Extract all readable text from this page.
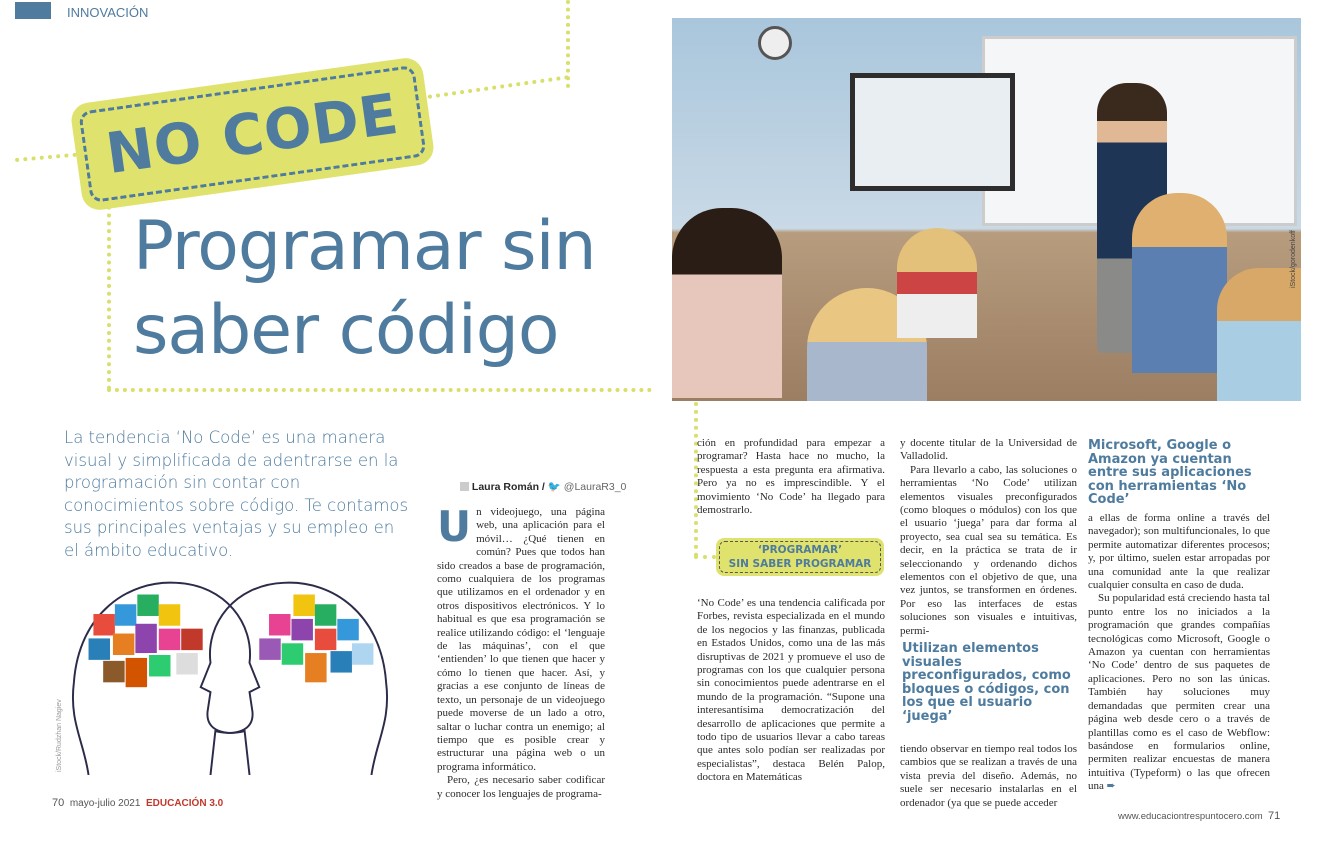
INNOVACIÓN
NO CODE
Programar sin
saber código
La tendencia ‘No Code’ es una manera visual y simplificada de adentrarse en la programación sin contar con conocimientos sobre código. Te contamos sus principales ventajas y su empleo en el ámbito educativo.
iStock/Rudzhan Nagiev
Laura Román / 🐦 @LauraR3_0

Un videojuego, una página web, una aplicación para el móvil… ¿Qué tienen en común? Pues que todos han sido creados a base de programación, como cualquiera de los programas que utilizamos en el ordenador y en otros dispositivos electrónicos. Y lo habitual es que esa programación se realice utilizando código: el ‘lenguaje de las máquinas’, con el que ‘entienden’ lo que tienen que hacer y cómo lo tienen que hacer. Así, y gracias a ese conjunto de líneas de texto, un personaje de un videojuego puede moverse de un lado a otro, saltar o luchar contra un enemigo; al tiempo que es posible crear y estructurar una página web o un programa informático.

Pero, ¿es necesario saber codificar y conocer los lenguajes de programa-

iStock/gorodenkoff

ción en profundidad para empezar a programar? Hasta hace no mucho, la respuesta a esta pregunta era afirmativa. Pero ya no es imprescindible. Y el movimiento ‘No Code’ ha llegado para demostrarlo.

‘PROGRAMAR’
SIN SABER PROGRAMAR

‘No Code’ es una tendencia calificada por Forbes, revista especializada en el mundo de los negocios y las finanzas, publicada en Estados Unidos, como una de las más disruptivas de 2021 y promueve el uso de programas con los que cualquier persona sin conocimientos puede adentrarse en el mundo de la programación. “Supone una interesantísima democratización del desarrollo de aplicaciones que permite a todo tipo de usuarios llevar a cabo tareas que antes solo podían ser realizadas por especialistas”, destaca Belén Palop, doctora en Matemáticas

y docente titular de la Universidad de Valladolid.

Para llevarlo a cabo, las soluciones o herramientas ‘No Code’ utilizan elementos visuales preconfigurados (como bloques o módulos) con los que el usuario ‘juega’ para dar forma al proyecto, sea cual sea su temática. Es decir, en la práctica se trata de ir seleccionando y ordenando dichos elementos con el objetivo de que, una vez juntos, se transformen en órdenes. Por eso las interfaces de estas soluciones son visuales e intuitivas, permi-

Utilizan elementos visuales preconfigurados, como bloques o códigos, con los que el usuario ‘juega’

tiendo observar en tiempo real todos los cambios que se realizan a través de una vista previa del diseño. Además, no suele ser necesario instalarlas en el ordenador (ya que se puede acceder

Microsoft, Google o Amazon ya cuentan entre sus aplicaciones con herramientas ‘No Code’

a ellas de forma online a través del navegador); son multifuncionales, lo que permite automatizar diferentes procesos; y, por último, suelen estar arropadas por una comunidad ante la que realizar cualquier consulta en caso de duda.

Su popularidad está creciendo hasta tal punto entre los no iniciados a la programación que grandes compañías tecnológicas como Microsoft, Google o Amazon ya cuentan con herramientas ‘No Code’ dentro de sus paquetes de aplicaciones. Pero no son las únicas. También hay soluciones muy demandadas que permiten crear una página web desde cero o a través de plantillas como es el caso de Webflow: basándose en formularios online, permiten realizar encuestas de manera intuitiva (Typeform) o las que ofrecen una ➨

70 mayo-julio 2021 EDUCACIÓN 3.0
www.educaciontrespuntocero.com 71
